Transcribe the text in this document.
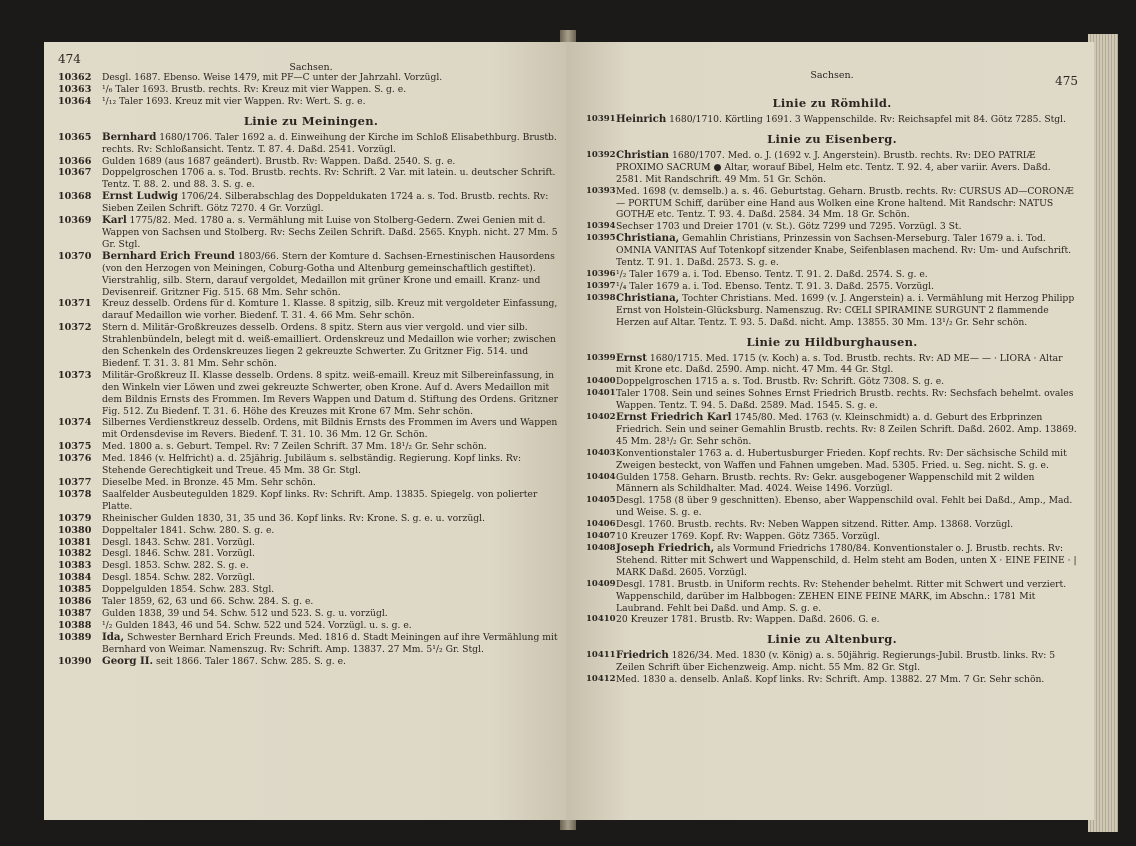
474
Sachsen.
10362	Desgl. 1687. Ebenso. Weise 1479, mit PF—C unter der Jahrzahl. Vorzügl.
10363	¹/₆ Taler 1693. Brustb. rechts. Rv: Kreuz mit vier Wappen. S. g. e.
10364	¹/₁₂ Taler 1693. Kreuz mit vier Wappen. Rv: Wert. S. g. e.
Linie zu Meiningen.
10365	Bernhard 1680/1706. Taler 1692 a. d. Einweihung der Kirche im Schloß Elisabethburg. Brustb. rechts. Rv: Schloßansicht. Tentz. T. 87. 4. Daßd. 2541. Vorzügl.
10366	Gulden 1689 (aus 1687 geändert). Brustb. Rv: Wappen. Daßd. 2540. S. g. e.
10367	Doppelgroschen 1706 a. s. Tod. Brustb. rechts. Rv: Schrift. 2 Var. mit latein. u. deutscher Schrift. Tentz. T. 88. 2. und 88. 3. S. g. e.
10368	Ernst Ludwig 1706/24. Silberabschlag des Doppeldukaten 1724 a. s. Tod. Brustb. rechts. Rv: Sieben Zeilen Schrift. Götz 7270. 4 Gr. Vorzügl.
10369	Karl 1775/82. Med. 1780 a. s. Vermählung mit Luise von Stolberg-Gedern. Zwei Genien mit d. Wappen von Sachsen und Stolberg. Rv: Sechs Zeilen Schrift. Daßd. 2565. Knyph. nicht. 27 Mm. 5 Gr. Stgl.
10370	Bernhard Erich Freund 1803/66. Stern der Komture d. Sachsen-Ernestinischen Hausordens (von den Herzogen von Meiningen, Coburg-Gotha und Altenburg gemeinschaftlich gestiftet). Vierstrahlig, silb. Stern, darauf vergoldet, Medaillon mit grüner Krone und emaill. Kranz- und Devisenreif. Gritzner Fig. 515. 68 Mm. Sehr schön.
10371	Kreuz desselb. Ordens für d. Komture 1. Klasse. 8 spitzig, silb. Kreuz mit vergoldeter Einfassung, darauf Medaillon wie vorher. Biedenf. T. 31. 4. 66 Mm. Sehr schön.
10372	Stern d. Militär-Großkreuzes desselb. Ordens. 8 spitz. Stern aus vier vergold. und vier silb. Strahlenbündeln, belegt mit d. weiß-emailliert. Ordenskreuz und Medaillon wie vorher; zwischen den Schenkeln des Ordenskreuzes liegen 2 gekreuzte Schwerter. Zu Gritzner Fig. 514. und Biedenf. T. 31. 3. 81 Mm. Sehr schön.
10373	Militär-Großkreuz II. Klasse desselb. Ordens. 8 spitz. weiß-emaill. Kreuz mit Silbereinfassung, in den Winkeln vier Löwen und zwei gekreuzte Schwerter, oben Krone. Auf d. Avers Medaillon mit dem Bildnis Ernsts des Frommen. Im Revers Wappen und Datum d. Stiftung des Ordens. Gritzner Fig. 512. Zu Biedenf. T. 31. 6. Höhe des Kreuzes mit Krone 67 Mm. Sehr schön.
10374	Silbernes Verdienstkreuz desselb. Ordens, mit Bildnis Ernsts des Frommen im Avers und Wappen mit Ordensdevise im Revers. Biedenf. T. 31. 10. 36 Mm. 12 Gr. Schön.
10375	Med. 1800 a. s. Geburt. Tempel. Rv: 7 Zeilen Schrift. 37 Mm. 18¹/₂ Gr. Sehr schön.
10376	Med. 1846 (v. Helfricht) a. d. 25jährig. Jubiläum s. selbständig. Regierung. Kopf links. Rv: Stehende Gerechtigkeit und Treue. 45 Mm. 38 Gr. Stgl.
10377	Dieselbe Med. in Bronze. 45 Mm. Sehr schön.
10378	Saalfelder Ausbeutegulden 1829. Kopf links. Rv: Schrift. Amp. 13835. Spiegelg. von polierter Platte.
10379	Rheinischer Gulden 1830, 31, 35 und 36. Kopf links. Rv: Krone. S. g. e. u. vorzügl.
10380	Doppeltaler 1841. Schw. 280. S. g. e.
10381	Desgl. 1843. Schw. 281. Vorzügl.
10382	Desgl. 1846. Schw. 281. Vorzügl.
10383	Desgl. 1853. Schw. 282. S. g. e.
10384	Desgl. 1854. Schw. 282. Vorzügl.
10385	Doppelgulden 1854. Schw. 283. Stgl.
10386	Taler 1859, 62, 63 und 66. Schw. 284. S. g. e.
10387	Gulden 1838, 39 und 54. Schw. 512 und 523. S. g. u. vorzügl.
10388	¹/₂ Gulden 1843, 46 und 54. Schw. 522 und 524. Vorzügl. u. s. g. e.
10389	Ida, Schwester Bernhard Erich Freunds. Med. 1816 d. Stadt Meiningen auf ihre Vermählung mit Bernhard von Weimar. Namenszug. Rv: Schrift. Amp. 13837. 27 Mm. 5¹/₂ Gr. Stgl.
10390	Georg II. seit 1866. Taler 1867. Schw. 285. S. g. e.
Sachsen.	475
Linie zu Römhild.
10391 Heinrich 1680/1710. Körtling 1691. 3 Wappenschilde. Rv: Reichsapfel mit 84. Götz 7285. Stgl.
Linie zu Eisenberg.
10392 Christian 1680/1707. Med. o. J. (1692 v. J. Angerstein). Brustb. rechts. Rv: DEO PATRIÆ PROXIMO SACRUM ● Altar, worauf Bibel, Helm etc. Tentz. T. 92. 4, aber variir. Avers. Daßd. 2581. Mit Randschrift. 49 Mm. 51 Gr. Schön.
10393 Med. 1698 (v. demselb.) a. s. 46. Geburtstag. Geharn. Brustb. rechts. Rv: CURSUS AD—CORONÆ — PORTUM Schiff, darüber eine Hand aus Wolken eine Krone haltend. Mit Randschr: NATUS GOTHÆ etc. Tentz. T. 93. 4. Daßd. 2584. 34 Mm. 18 Gr. Schön.
10394 Sechser 1703 und Dreier 1701 (v. St.). Götz 7299 und 7295. Vorzügl. 3 St.
10395 Christiana, Gemahlin Christians, Prinzessin von Sachsen-Merseburg. Taler 1679 a. i. Tod. OMNIA VANITAS Auf Totenkopf sitzender Knabe, Seifenblasen machend. Rv: Um- und Aufschrift. Tentz. T. 91. 1. Daßd. 2573. S. g. e.
10396 ¹/₂ Taler 1679 a. i. Tod. Ebenso. Tentz. T. 91. 2. Daßd. 2574. S. g. e.
10397 ¹/₄ Taler 1679 a. i. Tod. Ebenso. Tentz. T. 91. 3. Daßd. 2575. Vorzügl.
10398 Christiana, Tochter Christians. Med. 1699 (v. J. Angerstein) a. i. Vermählung mit Herzog Philipp Ernst von Holstein-Glücksburg. Namenszug. Rv: CŒLI SPIRAMINE SURGUNT 2 flammende Herzen auf Altar. Tentz. T. 93. 5. Daßd. nicht. Amp. 13855. 30 Mm. 13¹/₂ Gr. Sehr schön.
Linie zu Hildburghausen.
10399 Ernst 1680/1715. Med. 1715 (v. Koch) a. s. Tod. Brustb. rechts. Rv: AD ME— — · LIORA · Altar mit Krone etc. Daßd. 2590. Amp. nicht. 47 Mm. 44 Gr. Stgl.
10400 Doppelgroschen 1715 a. s. Tod. Brustb. Rv: Schrift. Götz 7308. S. g. e.
10401 Taler 1708. Sein und seines Sohnes Ernst Friedrich Brustb. rechts. Rv: Sechsfach behelmt. ovales Wappen. Tentz. T. 94. 5. Daßd. 2589. Mad. 1545. S. g. e.
10402 Ernst Friedrich Karl 1745/80. Med. 1763 (v. Kleinschmidt) a. d. Geburt des Erbprinzen Friedrich. Sein und seiner Gemahlin Brustb. rechts. Rv: 8 Zeilen Schrift. Daßd. 2602. Amp. 13869. 45 Mm. 28¹/₂ Gr. Sehr schön.
10403 Konventionstaler 1763 a. d. Hubertusburger Frieden. Kopf rechts. Rv: Der sächsische Schild mit Zweigen besteckt, von Waffen und Fahnen umgeben. Mad. 5305. Fried. u. Seg. nicht. S. g. e.
10404 Gulden 1758. Geharn. Brustb. rechts. Rv: Gekr. ausgebogener Wappenschild mit 2 wilden Männern als Schildhalter. Mad. 4024. Weise 1496. Vorzügl.
10405 Desgl. 1758 (8 über 9 geschnitten). Ebenso, aber Wappenschild oval. Fehlt bei Daßd., Amp., Mad. und Weise. S. g. e.
10406 Desgl. 1760. Brustb. rechts. Rv: Neben Wappen sitzend. Ritter. Amp. 13868. Vorzügl.
10407 10 Kreuzer 1769. Kopf. Rv: Wappen. Götz 7365. Vorzügl.
10408 Joseph Friedrich, als Vormund Friedrichs 1780/84. Konventionstaler o. J. Brustb. rechts. Rv: Stehend. Ritter mit Schwert und Wappenschild, d. Helm steht am Boden, unten X · EINE FEINE · | MARK Daßd. 2605. Vorzügl.
10409 Desgl. 1781. Brustb. in Uniform rechts. Rv: Stehender behelmt. Ritter mit Schwert und verziert. Wappenschild, darüber im Halbbogen: ZEHEN EINE FEINE MARK, im Abschn.: 1781 Mit Laubrand. Fehlt bei Daßd. und Amp. S. g. e.
10410 20 Kreuzer 1781. Brustb. Rv: Wappen. Daßd. 2606. G. e.
Linie zu Altenburg.
10411 Friedrich 1826/34. Med. 1830 (v. König) a. s. 50jährig. Regierungs-Jubil. Brustb. links. Rv: 5 Zeilen Schrift über Eichenzweig. Amp. nicht. 55 Mm. 82 Gr. Stgl.
10412 Med. 1830 a. denselb. Anlaß. Kopf links. Rv: Schrift. Amp. 13882. 27 Mm. 7 Gr. Sehr schön.
